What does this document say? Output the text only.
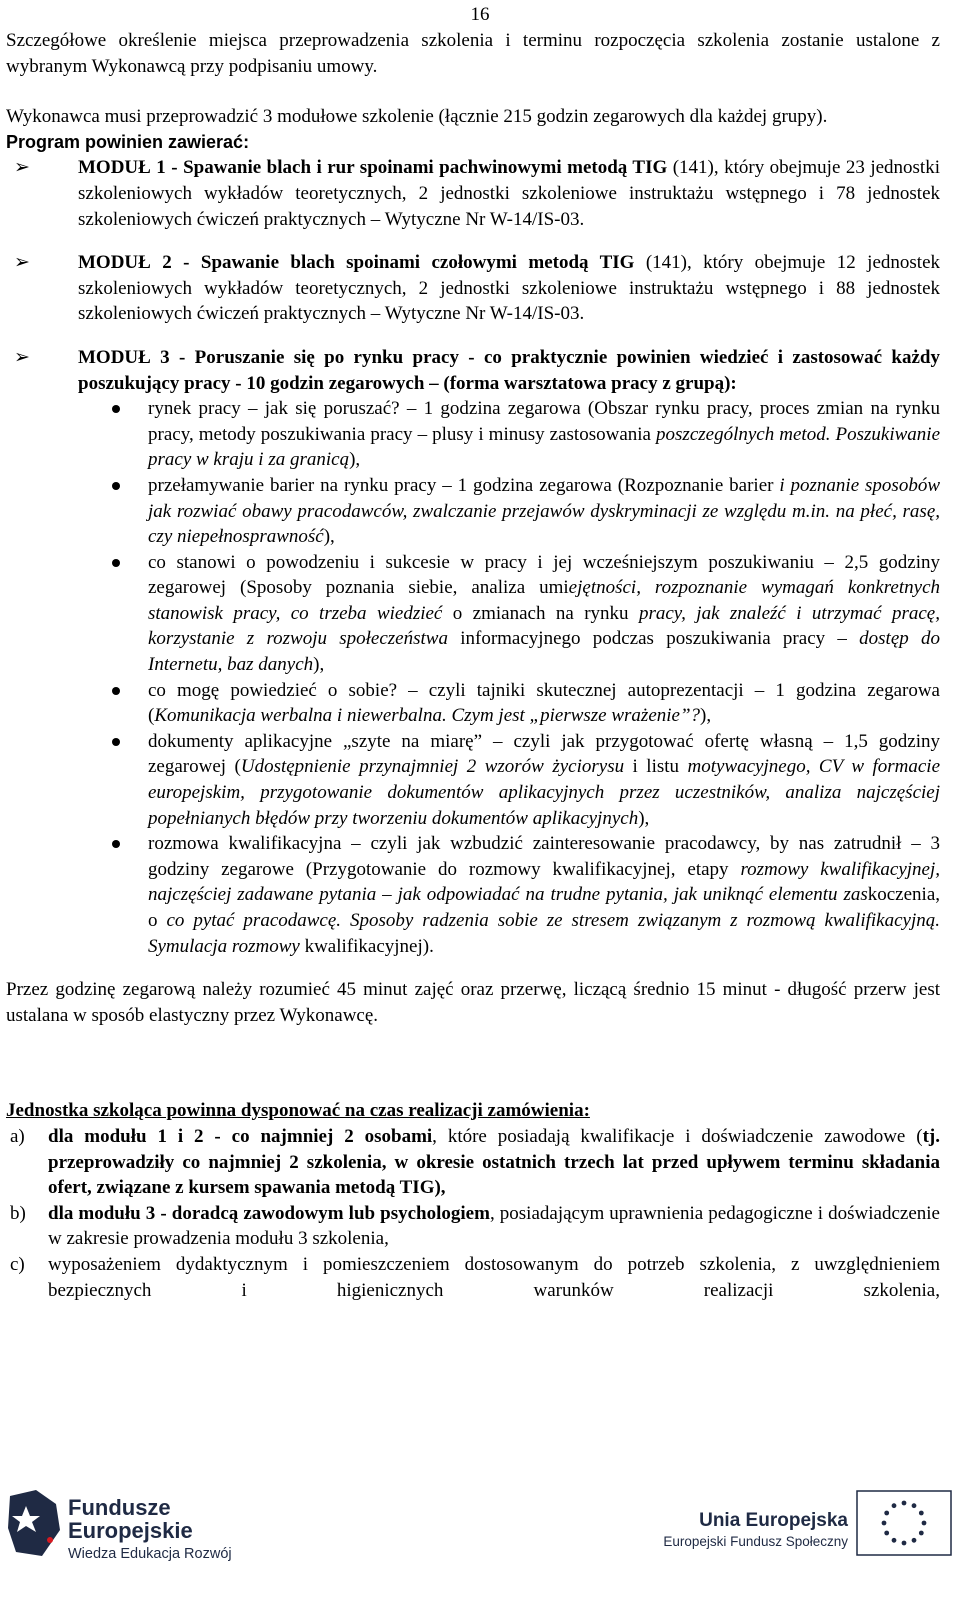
16

Szczegółowe określenie miejsca przeprowadzenia szkolenia i terminu rozpoczęcia szkolenia zostanie ustalone z wybranym Wykonawcą przy podpisaniu umowy.

Wykonawca musi przeprowadzić 3 modułowe szkolenie (łącznie 215 godzin zegarowych dla każdej grupy).

Program powinien zawierać:

➢	MODUŁ 1 - Spawanie blach i rur spoinami pachwinowymi metodą TIG (141), który obejmuje 23 jednostki szkoleniowych wykładów teoretycznych, 2 jednostki szkoleniowe instruktażu wstępnego i 78 jednostek szkoleniowych ćwiczeń praktycznych – Wytyczne Nr W-14/IS-03.
➢	MODUŁ 2 - Spawanie blach spoinami czołowymi metodą TIG (141), który obejmuje 12 jednostek szkoleniowych wykładów teoretycznych, 2 jednostki szkoleniowe instruktażu wstępnego i 88 jednostek szkoleniowych ćwiczeń praktycznych – Wytyczne Nr W-14/IS-03.
➢	MODUŁ 3 - Poruszanie się po rynku pracy - co praktycznie powinien wiedzieć i zastosować każdy poszukujący pracy - 10 godzin zegarowych – (forma warsztatowa pracy z grupą):
rynek pracy – jak się poruszać? – 1 godzina zegarowa (Obszar rynku pracy, proces zmian na rynku pracy, metody poszukiwania pracy – plusy i minusy zastosowania poszczególnych metod. Poszukiwanie pracy w kraju i za granicą),
przełamywanie barier na rynku pracy – 1 godzina zegarowa (Rozpoznanie barier i poznanie sposobów jak rozwiać obawy pracodawców, zwalczanie przejawów dyskryminacji ze względu m.in. na płeć, rasę, czy niepełnosprawność),
co stanowi o powodzeniu i sukcesie w pracy i jej wcześniejszym poszukiwaniu – 2,5 godziny zegarowej (Sposoby poznania siebie, analiza umiejętności, rozpoznanie wymagań konkretnych stanowisk pracy, co trzeba wiedzieć o zmianach na rynku pracy, jak znaleźć i utrzymać pracę, korzystanie z rozwoju społeczeństwa informacyjnego podczas poszukiwania pracy – dostęp do Internetu, baz danych),
co mogę powiedzieć o sobie? – czyli tajniki skutecznej autoprezentacji – 1 godzina zegarowa (Komunikacja werbalna i niewerbalna. Czym jest „pierwsze wrażenie”?),
dokumenty aplikacyjne „szyte na miarę” – czyli jak przygotować ofertę własną – 1,5 godziny zegarowej (Udostępnienie przynajmniej 2 wzorów życiorysu i listu motywacyjnego, CV w formacie europejskim, przygotowanie dokumentów aplikacyjnych przez uczestników, analiza najczęściej popełnianych błędów przy tworzeniu dokumentów aplikacyjnych),
rozmowa kwalifikacyjna – czyli jak wzbudzić zainteresowanie pracodawcy, by nas zatrudnił – 3 godziny zegarowe (Przygotowanie do rozmowy kwalifikacyjnej, etapy rozmowy kwalifikacyjnej, najczęściej zadawane pytania – jak odpowiadać na trudne pytania, jak uniknąć elementu zaskoczenia, o co pytać pracodawcę. Sposoby radzenia sobie ze stresem związanym z rozmową kwalifikacyjną. Symulacja rozmowy kwalifikacyjnej).

Przez godzinę zegarową należy rozumieć 45 minut zajęć oraz przerwę, liczącą średnio 15 minut - długość przerw jest ustalana w sposób elastyczny przez Wykonawcę.

Jednostka szkoląca powinna dysponować na czas realizacji zamówienia:

a) dla modułu 1 i 2 - co najmniej 2 osobami, które posiadają kwalifikacje i doświadczenie zawodowe (tj. przeprowadziły co najmniej 2 szkolenia, w okresie ostatnich trzech lat przed upływem terminu składania ofert, związane z kursem spawania metodą TIG),
b) dla modułu 3 - doradcą zawodowym lub psychologiem, posiadającym uprawnienia pedagogiczne i doświadczenie w zakresie prowadzenia modułu 3 szkolenia,
c) wyposażeniem dydaktycznym i pomieszczeniem dostosowanym do potrzeb szkolenia, z uwzględnieniem bezpiecznych i higienicznych warunków realizacji szkolenia,
Fundusze
Europejskie
Wiedza Edukacja Rozwój
Unia Europejska
Europejski Fundusz Społeczny
